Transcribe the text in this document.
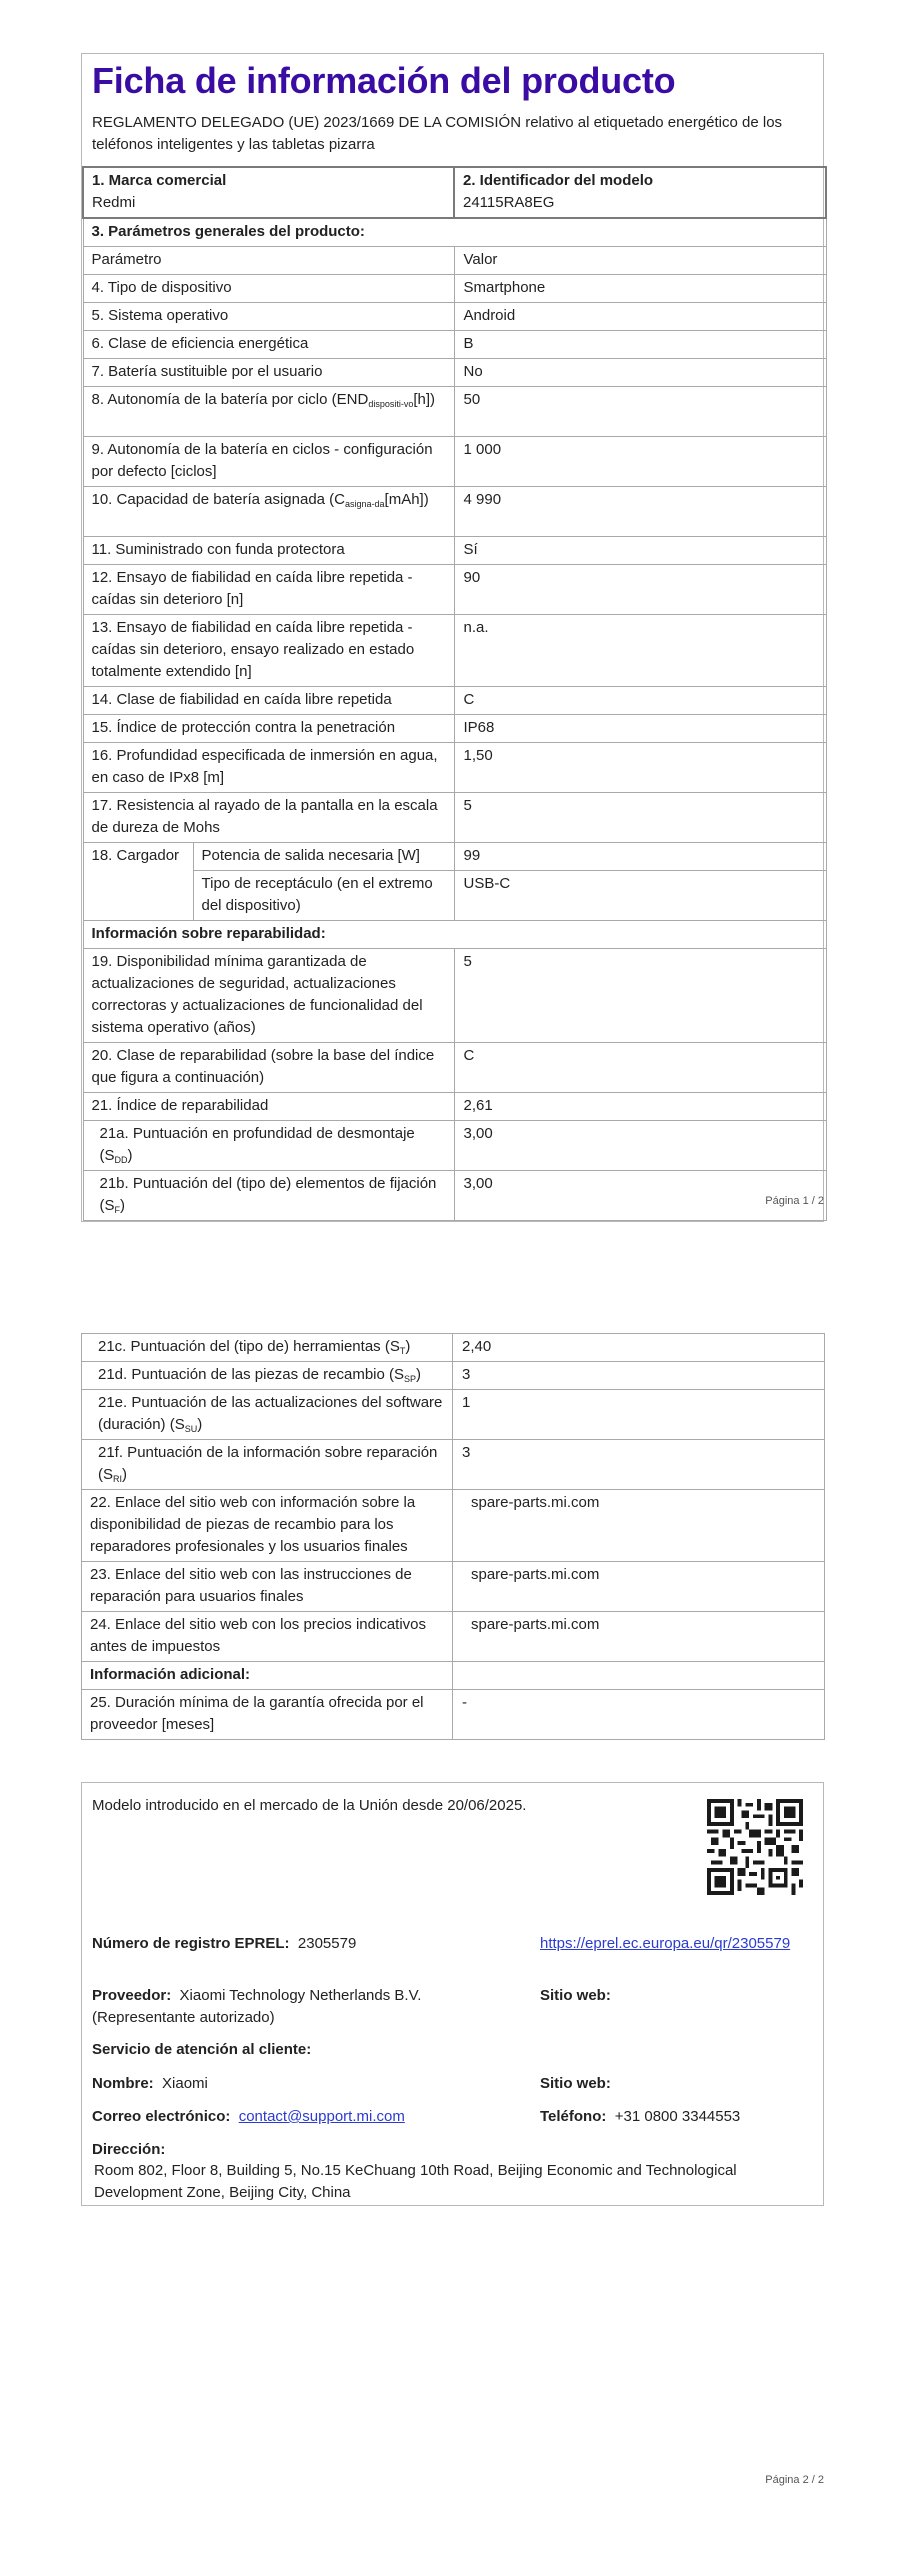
Ficha de información del producto
REGLAMENTO DELEGADO (UE) 2023/1669 DE LA COMISIÓN relativo al etiquetado energético de los teléfonos inteligentes y las tabletas pizarra
1. Marca comercial
Redmi

2. Identificador del modelo
24115RA8EG

3. Parámetros generales del producto:		
Parámetro		Valor
4. Tipo de dispositivo		Smartphone
5. Sistema operativo		Android
6. Clase de eficiencia energética		B
7. Batería sustituible por el usuario		No
8. Autonomía de la batería por ciclo $(END_{dispositi-vo}[h])$		50
9. Autonomía de la batería en ciclos - configuración por defecto [ciclos]		1 000
10. Capacidad de batería asignada $(C_{asigna-da}[mAh])$		4 990
11. Suministrado con funda protectora		Sí
12. Ensayo de fiabilidad en caída libre repetida - caídas sin deterioro [n]		90
13. Ensayo de fiabilidad en caída libre repetida - caídas sin deterioro, ensayo realizado en estado totalmente extendido [n]		n.a.
14. Clase de fiabilidad en caída libre repetida		C
15. Índice de protección contra la penetración		IP68
16. Profundidad especificada de inmersión en agua, en caso de IPx8 [m]		1,50
17. Resistencia al rayado de la pantalla en la escala de dureza de Mohs		5
18. Cargador	Potencia de salida necesaria [W]	99
	Tipo de receptáculo (en el extremo del dispositivo)	USB-C
Información sobre reparabilidad:		
19. Disponibilidad mínima garantizada de actualizaciones de seguridad, actualizaciones correctoras y actualizaciones de funcionalidad del sistema operativo (años)		5
20. Clase de reparabilidad (sobre la base del índice que figura a continuación)		C
21. Índice de reparabilidad		2,61
21a. Puntuación en profundidad de desmontaje $(S_{DD})$		3,00
21b. Puntuación del (tipo de) elementos de fijación $(S_F)$		3,00
Página 1 / 2
21c. Puntuación del (tipo de) herramientas $(S_T)$	2,40
21d. Puntuación de las piezas de recambio $(S_{SP})$	3
21e. Puntuación de las actualizaciones del software (duración) $(S_{SU})$	1
21f. Puntuación de la información sobre reparación $(S_{RI})$	3
22. Enlace del sitio web con información sobre la disponibilidad de piezas de recambio para los reparadores profesionales y los usuarios finales	spare-parts.mi.com
23. Enlace del sitio web con las instrucciones de reparación para usuarios finales	spare-parts.mi.com
24. Enlace del sitio web con los precios indicativos antes de impuestos	spare-parts.mi.com
Información adicional:	
25. Duración mínima de la garantía ofrecida por el proveedor [meses]	-
Modelo introducido en el mercado de la Unión desde 20/06/2025.
Número de registro EPREL: 2305579	https://eprel.ec.europa.eu/qr/2305579
Proveedor: Xiaomi Technology Netherlands B.V. (Representante autorizado)
Sitio web:
Servicio de atención al cliente:
Nombre: Xiaomi	Sitio web:
Correo electrónico: contact@support.mi.com	Teléfono: +31 0800 3344553
Dirección:
Room 802, Floor 8, Building 5, No.15 KeChuang 10th Road, Beijing Economic and Technological Development Zone, Beijing City, China
Página 2 / 2
